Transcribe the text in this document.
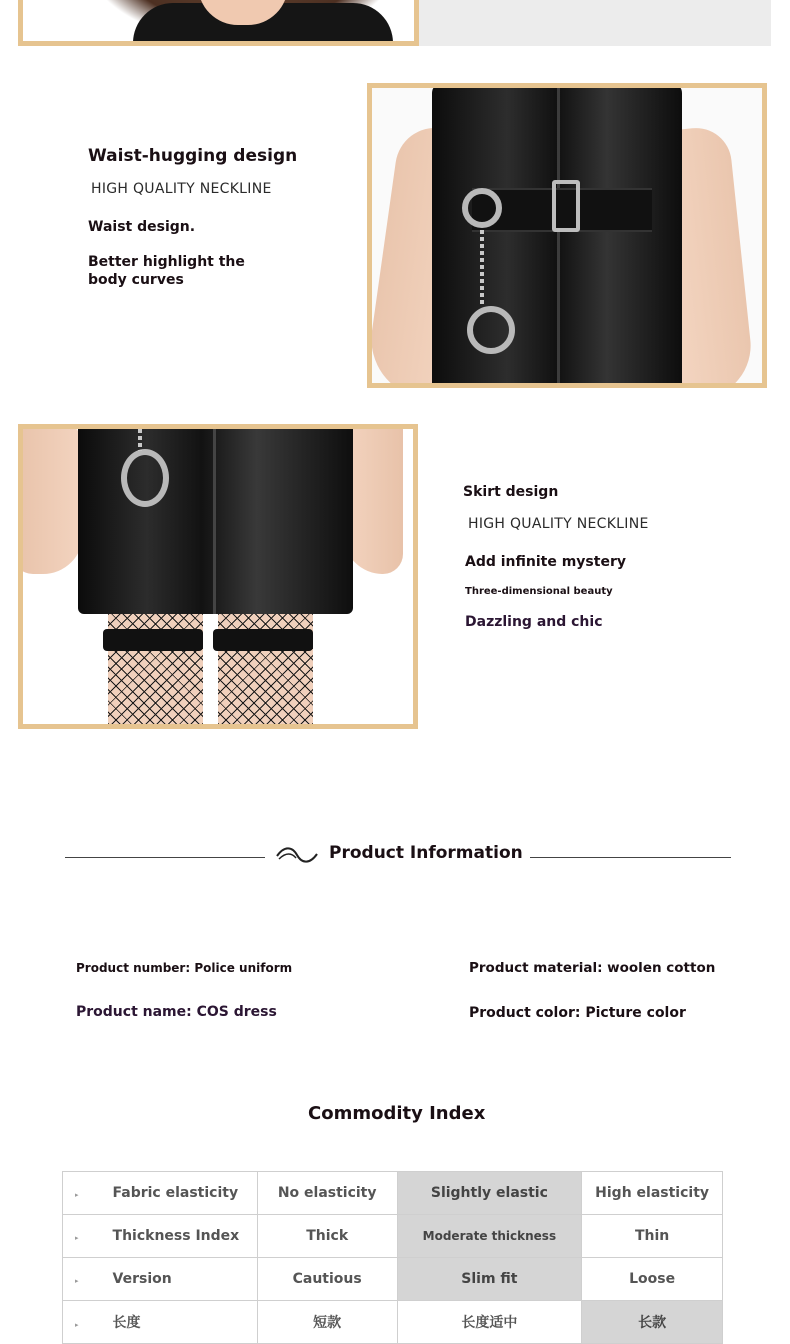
Waist-hugging design
HIGH QUALITY NECKLINE
Waist design.
Better highlight the
body curves
Skirt design
HIGH QUALITY NECKLINE
Add infinite mystery
Three-dimensional beauty
Dazzling and chic
Product Information
Product number: Police uniform	Product material: woolen cotton
Product name: COS dress	Product color: Picture color
Commodity Index
▸ Fabric elasticity	No elasticity	Slightly elastic	High elasticity
▸ Thickness Index	Thick	Moderate thickness	Thin
▸ Version	Cautious	Slim fit	Loose
▸ 长度	短款	长度适中	长款
